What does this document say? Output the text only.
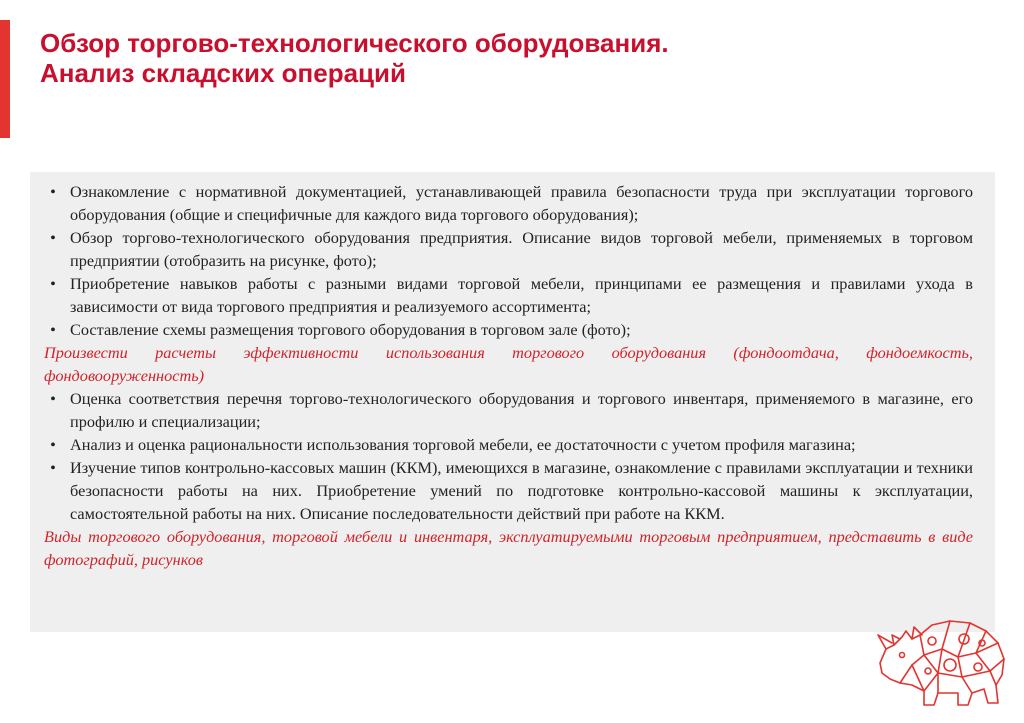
Обзор торгово-технологического оборудования.
Анализ складских операций
• Ознакомление с нормативной документацией, устанавливающей правила безопасности труда при эксплуатации торгового оборудования (общие и специфичные для каждого вида торгового оборудования);
• Обзор торгово-технологического оборудования предприятия. Описание видов торговой мебели, применяемых в торговом предприятии (отобразить на рисунке, фото);
• Приобретение навыков работы с разными видами торговой мебели, принципами ее размещения и правилами ухода в зависимости от вида торгового предприятия и реализуемого ассортимента;
• Составление схемы размещения торгового оборудования в торговом зале (фото);
Произвести расчеты эффективности использования торгового оборудования (фондоотдача, фондоемкость, фондовооруженность)
• Оценка соответствия перечня торгово-технологического оборудования и торгового инвентаря, применяемого в магазине, его профилю и специализации;
• Анализ и оценка рациональности использования торговой мебели, ее достаточности с учетом профиля магазина;
• Изучение типов контрольно-кассовых машин (ККМ), имеющихся в магазине, ознакомление с правилами эксплуатации и техники безопасности работы на них. Приобретение умений по подготовке контрольно-кассовой машины к эксплуатации, самостоятельной работы на них. Описание последовательности действий при работе на ККМ.
Виды торгового оборудования, торговой мебели и инвентаря, эксплуатируемыми торговым предприятием, представить в виде фотографий, рисунков
